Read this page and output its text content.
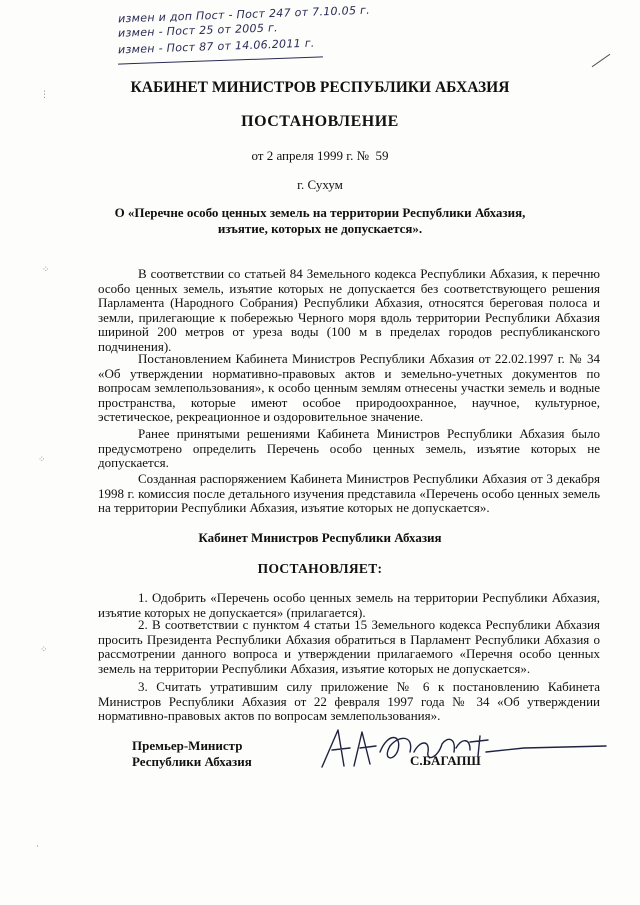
измен и доп Пост - Пост 247 от 7.10.05 г.
измен - Пост 25 от 2005 г.
измен - Пост 87 от 14.06.2011 г.
⋮
⁘
⁘
⁘
·
КАБИНЕТ МИНИСТРОВ РЕСПУБЛИКИ АБХАЗИЯ
ПОСТАНОВЛЕНИЕ
от 2 апреля 1999 г. №  59
г. Сухум
О «Перечне особо ценных земель на территории Республики Абхазия,
изъятие, которых не допускается».
В соответствии со статьей 84 Земельного кодекса Республики Абхазия, к перечню особо ценных земель, изъятие которых не допускается без соответствующего решения Парламента (Народного Собрания) Республики Абхазия, относятся береговая полоса и земли, прилегающие к побережью Черного моря вдоль территории Республики Абхазия шириной 200 метров от уреза воды (100 м в пределах городов республиканского подчинения).
Постановлением Кабинета Министров Республики Абхазия от 22.02.1997 г. № 34 «Об утверждении нормативно-правовых актов и земельно-учетных документов по вопросам землепользования», к особо ценным землям отнесены участки земель и водные пространства, которые имеют особое природоохранное, научное, культурное, эстетическое, рекреационное и оздоровительное значение.
Ранее принятыми решениями Кабинета Министров Республики Абхазия было предусмотрено определить Перечень особо ценных земель, изъятие которых не допускается.
Созданная распоряжением Кабинета Министров Республики Абхазия от 3 декабря 1998 г. комиссия после детального изучения представила «Перечень особо ценных земель на территории Республики Абхазия, изъятие которых не допускается».
Кабинет Министров Республики Абхазия
ПОСТАНОВЛЯЕТ:
1. Одобрить «Перечень особо ценных земель на территории Республики Абхазия, изъятие которых не допускается» (прилагается).
2. В соответствии с пунктом 4 статьи 15 Земельного кодекса Республики Абхазия просить Президента Республики Абхазия обратиться в Парламент Республики Абхазия о рассмотрении данного вопроса и утверждении прилагаемого «Перечня особо ценных земель на территории Республики Абхазия, изъятие которых не допускается».
3. Считать утратившим силу приложение № 6 к постановлению Кабинета Министров Республики Абхазия от 22 февраля 1997 года № 34 «Об утверждении нормативно-правовых актов по вопросам землепользования».
Премьер-Министр
Республики Абхазия	С.БАГАПШ
